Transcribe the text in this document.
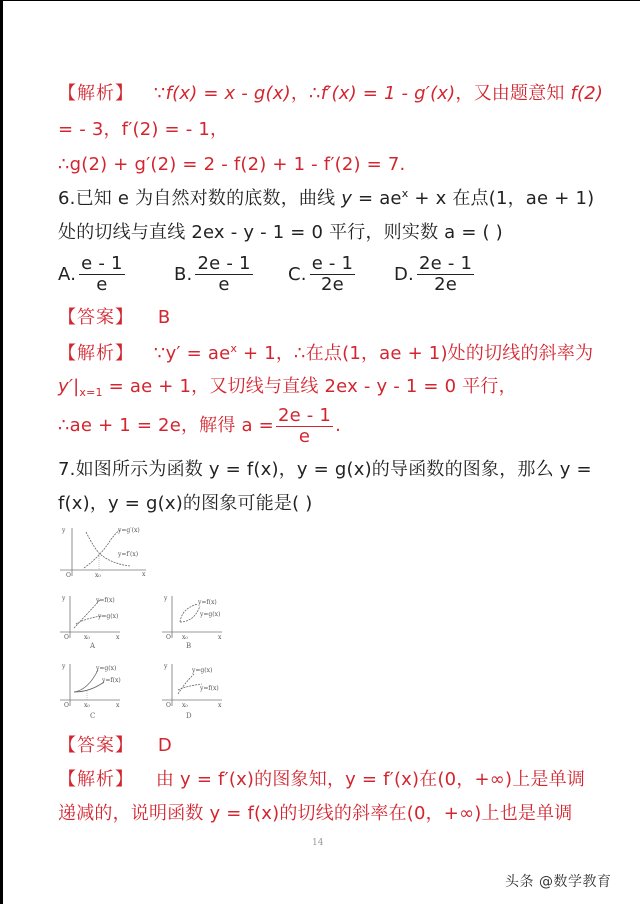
【解析】 ∵f(x) = x - g(x)，∴f′(x) = 1 - g′(x)，又由题意知 f(2)
= - 3，f′(2) = - 1，
∴g(2) + g′(2) = 2 - f(2) + 1 - f′(2) = 7.
6.已知 e 为自然对数的底数，曲线 $y = ae^x + x$ 在点(1，ae + 1)
处的切线与直线 2ex - y - 1 = 0 平行，则实数 a = ( )
A. $\frac{e - 1}{e}$	B. $\frac{2e - 1}{e} C$. $\frac{e - 1}{2e} D$. $\frac{2e - 1}{2e}$
【答案】 B
【解析】 ∵y′ = $ae^x + 1$，∴在点(1，ae + 1)处的切线的斜率为
$y'|_{x=1}$ = ae + 1，又切线与直线 2ex - y - 1 = 0 平行，
∴ae + 1 = 2e，解得 $a = \frac{2e - 1}{e}$ .
7.如图所示为函数 y = f(x)，y = g(x)的导函数的图象，那么 y =
f(x)，y = g(x)的图象可能是( )
y
x
O	x₀
y=g′(x)
y=f′(x)
y
x
O	x₀
y=f(x)
y=g(x)
A
y
x
O x₀
y=f(x)
y=g(x)
B
y
x
O	x₀
y=g(x)
y=f(x)
C
y
x
O x₀
y=g(x)
y=f(x)
D
【答案】 D
【解析】 由 y = f′(x)的图象知，y = f′(x)在(0，+∞)上是单调
递减的，说明函数 y = f(x)的切线的斜率在(0，+∞)上也是单调
14
头条 @数学教育
